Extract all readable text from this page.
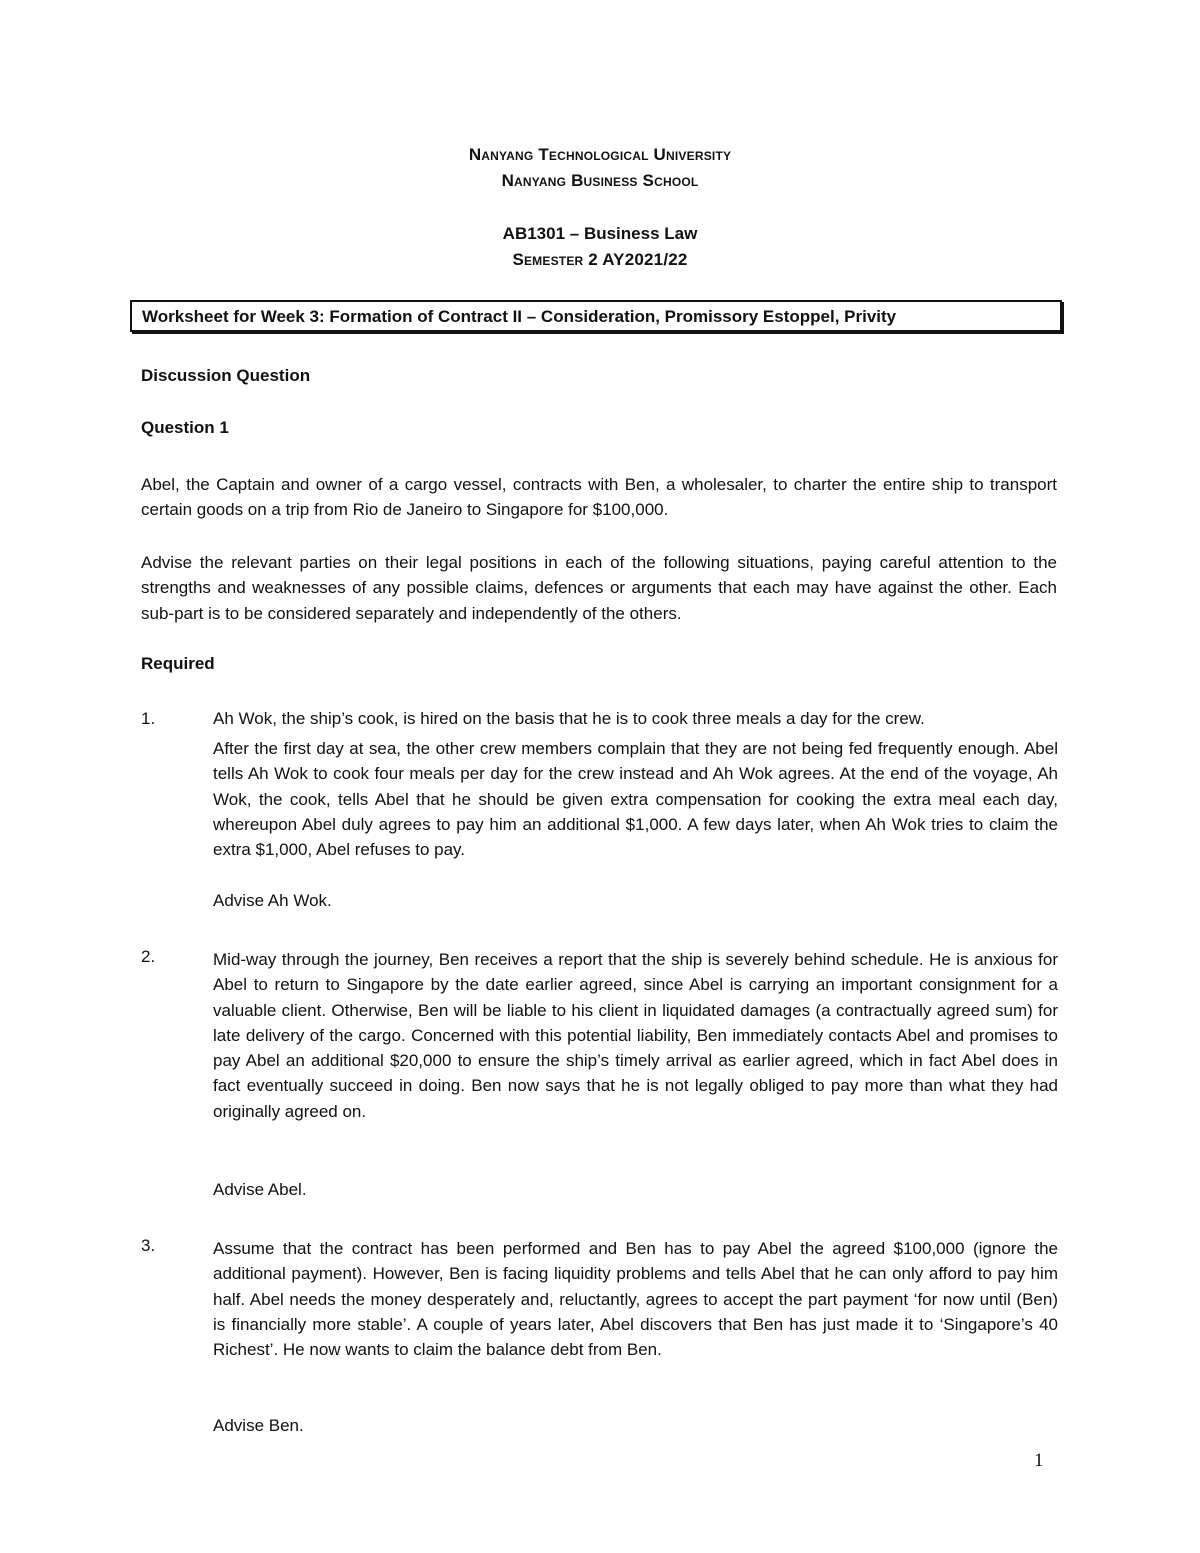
Nanyang Technological University
Nanyang Business School
AB1301 – Business Law
Semester 2 AY2021/22
Worksheet for Week 3: Formation of Contract II – Consideration, Promissory Estoppel, Privity
Discussion Question
Question 1
Abel, the Captain and owner of a cargo vessel, contracts with Ben, a wholesaler, to charter the entire ship to transport certain goods on a trip from Rio de Janeiro to Singapore for $100,000.
Advise the relevant parties on their legal positions in each of the following situations, paying careful attention to the strengths and weaknesses of any possible claims, defences or arguments that each may have against the other. Each sub-part is to be considered separately and independently of the others.
Required
1.	Ah Wok, the ship’s cook, is hired on the basis that he is to cook three meals a day for the crew.
After the first day at sea, the other crew members complain that they are not being fed frequently enough. Abel tells Ah Wok to cook four meals per day for the crew instead and Ah Wok agrees. At the end of the voyage, Ah Wok, the cook, tells Abel that he should be given extra compensation for cooking the extra meal each day, whereupon Abel duly agrees to pay him an additional $1,000. A few days later, when Ah Wok tries to claim the extra $1,000, Abel refuses to pay.
Advise Ah Wok.
2.	Mid-way through the journey, Ben receives a report that the ship is severely behind schedule. He is anxious for Abel to return to Singapore by the date earlier agreed, since Abel is carrying an important consignment for a valuable client. Otherwise, Ben will be liable to his client in liquidated damages (a contractually agreed sum) for late delivery of the cargo. Concerned with this potential liability, Ben immediately contacts Abel and promises to pay Abel an additional $20,000 to ensure the ship’s timely arrival as earlier agreed, which in fact Abel does in fact eventually succeed in doing. Ben now says that he is not legally obliged to pay more than what they had originally agreed on.
Advise Abel.
3.	Assume that the contract has been performed and Ben has to pay Abel the agreed $100,000 (ignore the additional payment). However, Ben is facing liquidity problems and tells Abel that he can only afford to pay him half. Abel needs the money desperately and, reluctantly, agrees to accept the part payment ‘for now until (Ben) is financially more stable’. A couple of years later, Abel discovers that Ben has just made it to ‘Singapore’s 40 Richest’. He now wants to claim the balance debt from Ben.
Advise Ben.
1
